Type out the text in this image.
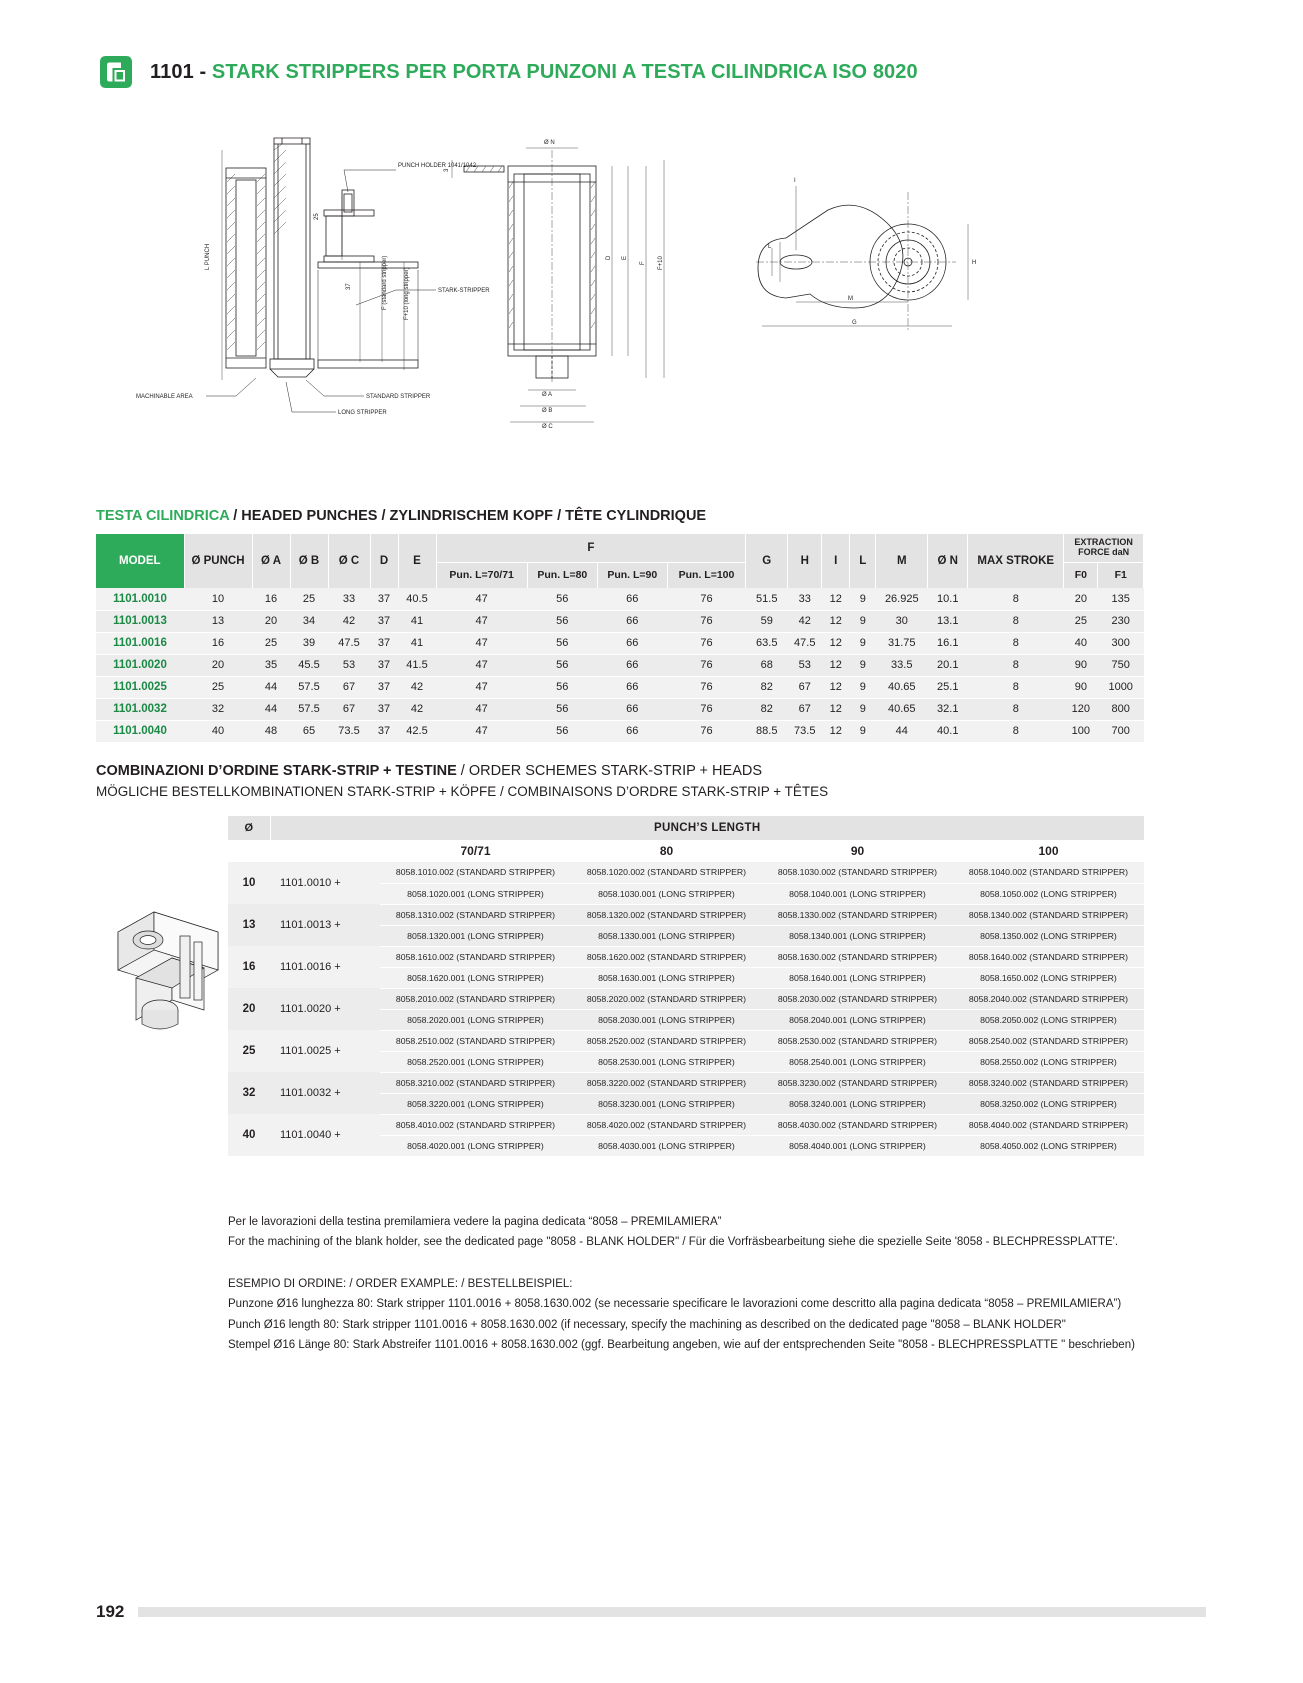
1101 - STARK STRIPPERS PER PORTA PUNZONI A TESTA CILINDRICA ISO 8020
PUNCH HOLDER 1041/1042
STARK-STRIPPER
STANDARD STRIPPER
LONG STRIPPER
MACHINABLE AREA
L PUNCH
25
37	F (standard stripper)	F+10 (long stripper)
3
Ø N
D E
F F+10
Ø A
Ø B
Ø C
I
L
M
G
H
TESTA CILINDRICA / HEADED PUNCHES / ZYLINDRISCHEM KOPF / TÊTE CYLINDRIQUE
MODEL	Ø PUNCH	Ø A	Ø B	Ø C	D	E	F				G	H	I	L	M	Ø N	MAX STROKE	EXTRACTION
FORCE daN	

							Pun. L=70/71	Pun. L=80	Pun. L=90	Pun. L=100								F0	F1
1101.0010	10	16	25	33	37	40.5	47	56	66	76	51.5	33	12	9	26.925	10.1	8	20	135
1101.0013	13	20	34	42	37	41	47	56	66	76	59	42	12	9	30	13.1	8	25	230
1101.0016	16	25	39	47.5	37	41	47	56	66	76	63.5	47.5	12	9	31.75	16.1	8	40	300
1101.0020	20	35	45.5	53	37	41.5	47	56	66	76	68	53	12	9	33.5	20.1	8	90	750
1101.0025	25	44	57.5	67	37	42	47	56	66	76	82	67	12	9	40.65	25.1	8	90	1000
1101.0032	32	44	57.5	67	37	42	47	56	66	76	82	67	12	9	40.65	32.1	8	120	800
1101.0040	40	48	65	73.5	37	42.5	47	56	66	76	88.5	73.5	12	9	44	40.1	8	100	700
COMBINAZIONI D’ORDINE STARK-STRIP + TESTINE / ORDER SCHEMES STARK-STRIP + HEADS
MÖGLICHE BESTELLKOMBINATIONEN STARK-STRIP + KÖPFE / COMBINAISONS D’ORDRE STARK-STRIP + TÊTES
Ø	PUNCH’S LENGTH				
		70/71	80	90	100
10	1101.0010 +	8058.1010.002 (STANDARD STRIPPER)	8058.1020.002 (STANDARD STRIPPER)	8058.1030.002 (STANDARD STRIPPER)	8058.1040.002 (STANDARD STRIPPER)
		8058.1020.001 (LONG STRIPPER)	8058.1030.001 (LONG STRIPPER)	8058.1040.001 (LONG STRIPPER)	8058.1050.002 (LONG STRIPPER)
13	1101.0013 +	8058.1310.002 (STANDARD STRIPPER)	8058.1320.002 (STANDARD STRIPPER)	8058.1330.002 (STANDARD STRIPPER)	8058.1340.002 (STANDARD STRIPPER)
		8058.1320.001 (LONG STRIPPER)	8058.1330.001 (LONG STRIPPER)	8058.1340.001 (LONG STRIPPER)	8058.1350.002 (LONG STRIPPER)
16	1101.0016 +	8058.1610.002 (STANDARD STRIPPER)	8058.1620.002 (STANDARD STRIPPER)	8058.1630.002 (STANDARD STRIPPER)	8058.1640.002 (STANDARD STRIPPER)
		8058.1620.001 (LONG STRIPPER)	8058.1630.001 (LONG STRIPPER)	8058.1640.001 (LONG STRIPPER)	8058.1650.002 (LONG STRIPPER)
20	1101.0020 +	8058.2010.002 (STANDARD STRIPPER)	8058.2020.002 (STANDARD STRIPPER)	8058.2030.002 (STANDARD STRIPPER)	8058.2040.002 (STANDARD STRIPPER)
		8058.2020.001 (LONG STRIPPER)	8058.2030.001 (LONG STRIPPER)	8058.2040.001 (LONG STRIPPER)	8058.2050.002 (LONG STRIPPER)
25	1101.0025 +	8058.2510.002 (STANDARD STRIPPER)	8058.2520.002 (STANDARD STRIPPER)	8058.2530.002 (STANDARD STRIPPER)	8058.2540.002 (STANDARD STRIPPER)
		8058.2520.001 (LONG STRIPPER)	8058.2530.001 (LONG STRIPPER)	8058.2540.001 (LONG STRIPPER)	8058.2550.002 (LONG STRIPPER)
32	1101.0032 +	8058.3210.002 (STANDARD STRIPPER)	8058.3220.002 (STANDARD STRIPPER)	8058.3230.002 (STANDARD STRIPPER)	8058.3240.002 (STANDARD STRIPPER)
		8058.3220.001 (LONG STRIPPER)	8058.3230.001 (LONG STRIPPER)	8058.3240.001 (LONG STRIPPER)	8058.3250.002 (LONG STRIPPER)
40	1101.0040 +	8058.4010.002 (STANDARD STRIPPER)	8058.4020.002 (STANDARD STRIPPER)	8058.4030.002 (STANDARD STRIPPER)	8058.4040.002 (STANDARD STRIPPER)
		8058.4020.001 (LONG STRIPPER)	8058.4030.001 (LONG STRIPPER)	8058.4040.001 (LONG STRIPPER)	8058.4050.002 (LONG STRIPPER)
Per le lavorazioni della testina premilamiera vedere la pagina dedicata “8058 – PREMILAMIERA”
For the machining of the blank holder, see the dedicated page "8058 - BLANK HOLDER" / Für die Vorfräsbearbeitung siehe die spezielle Seite '8058 - BLECHPRESSPLATTE'.
ESEMPIO DI ORDINE: / ORDER EXAMPLE: / BESTELLBEISPIEL:
Punzone Ø16 lunghezza 80: Stark stripper 1101.0016 + 8058.1630.002 (se necessarie specificare le lavorazioni come descritto alla pagina dedicata “8058 – PREMILAMIERA”)
Punch Ø16 length 80: Stark stripper 1101.0016 + 8058.1630.002 (if necessary, specify the machining as described on the dedicated page "8058 – BLANK HOLDER"
Stempel Ø16 Länge 80: Stark Abstreifer 1101.0016 + 8058.1630.002 (ggf. Bearbeitung angeben, wie auf der entsprechenden Seite "8058 - BLECHPRESSPLATTE " beschrieben)
192
